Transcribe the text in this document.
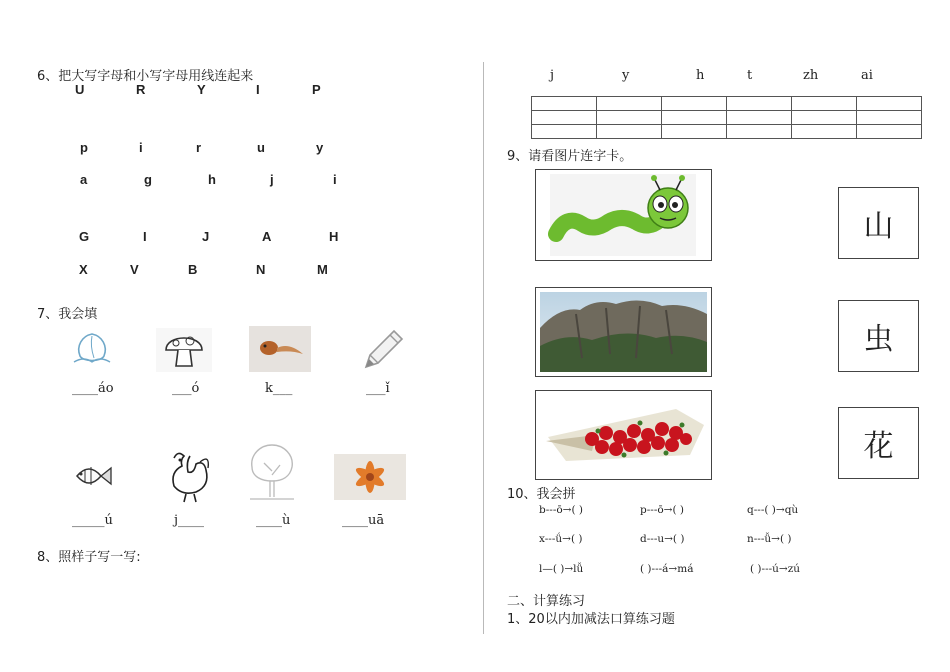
6、把大写字母和小写字母用线连起来
U	R	Y	I	P
p	i	r	u	y
a	g	h	j	i
G	I	J	A	H
X	V	B	N	M
7、我会填
____áo	___ó	k___	___ǐ
_____ú	j____	____ù	____uā
8、照样子写一写:
j	y	h	t	zh	ai

9、请看图片连字卡。
山
虫
花
10、我会拼
b---ō→( )	p---ō→( )	q---( )→qù
x---ǘ→( )	d---u→( )	n---ǚ→( )
l—( )→lǚ	( )---á→má	( )---ú→zú
二、计算练习
1、20以内加减法口算练习题
